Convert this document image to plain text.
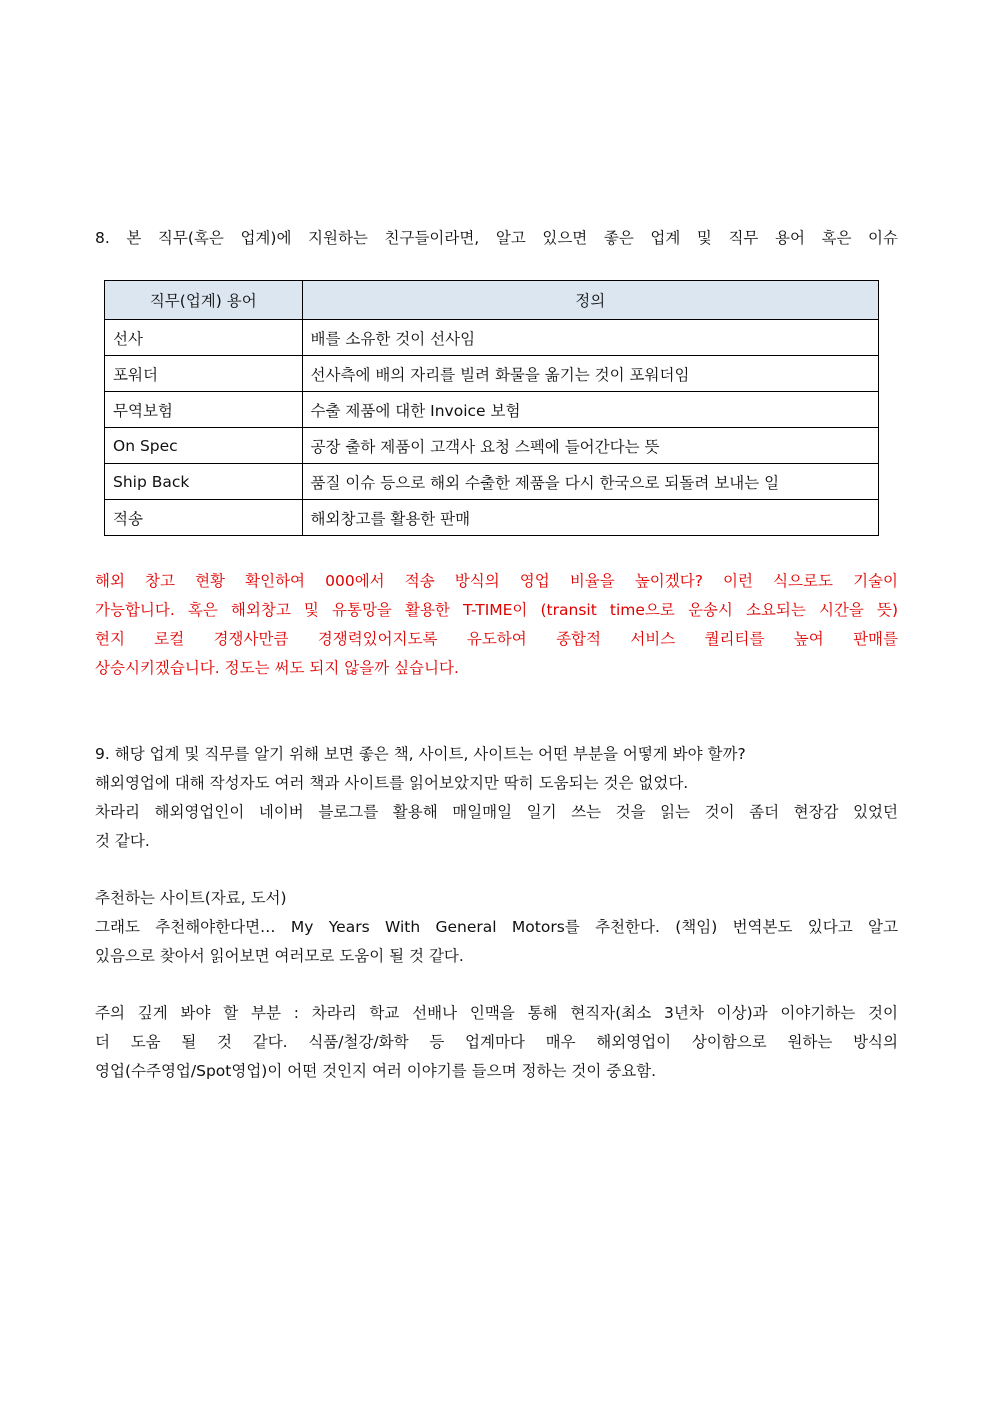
8. 본 직무(혹은 업계)에 지원하는 친구들이라면, 알고 있으면 좋은 업계 및 직무 용어 혹은 이슈
직무(업계) 용어	정의
선사	배를 소유한 것이 선사임
포워더	선사측에 배의 자리를 빌려 화물을 옮기는 것이 포워더임
무역보험	수출 제품에 대한 Invoice 보험
On Spec	공장 출하 제품이 고객사 요청 스펙에 들어간다는 뜻
Ship Back	품질 이슈 등으로 해외 수출한 제품을 다시 한국으로 되돌려 보내는 일
적송	해외창고를 활용한 판매
해외 창고 현황 확인하여 000에서 적송 방식의 영업 비율을 높이겠다? 이런 식으로도 기술이
가능합니다. 혹은 해외창고 및 유통망을 활용한 T-TIME이 (transit time으로 운송시 소요되는 시간을 뜻)
현지 로컬 경쟁사만큼 경쟁력있어지도록 유도하여 종합적 서비스 퀄리티를 높여 판매를
상승시키겠습니다. 정도는 써도 되지 않을까 싶습니다.
9. 해당 업계 및 직무를 알기 위해 보면 좋은 책, 사이트, 사이트는 어떤 부분을 어떻게 봐야 할까?
해외영업에 대해 작성자도 여러 책과 사이트를 읽어보았지만 딱히 도움되는 것은 없었다.
차라리 해외영업인이 네이버 블로그를 활용해 매일매일 일기 쓰는 것을 읽는 것이 좀더 현장감 있었던
것 같다.
추천하는 사이트(자료, 도서)
그래도 추천해야한다면… My Years With General Motors를 추천한다. (책임) 번역본도 있다고 알고
있음으로 찾아서 읽어보면 여러모로 도움이 될 것 같다.
주의 깊게 봐야 할 부분 : 차라리 학교 선배나 인맥을 통해 현직자(최소 3년차 이상)과 이야기하는 것이
더 도움 될 것 같다. 식품/철강/화학 등 업계마다 매우 해외영업이 상이함으로 원하는 방식의
영업(수주영업/Spot영업)이 어떤 것인지 여러 이야기를 들으며 정하는 것이 중요함.
